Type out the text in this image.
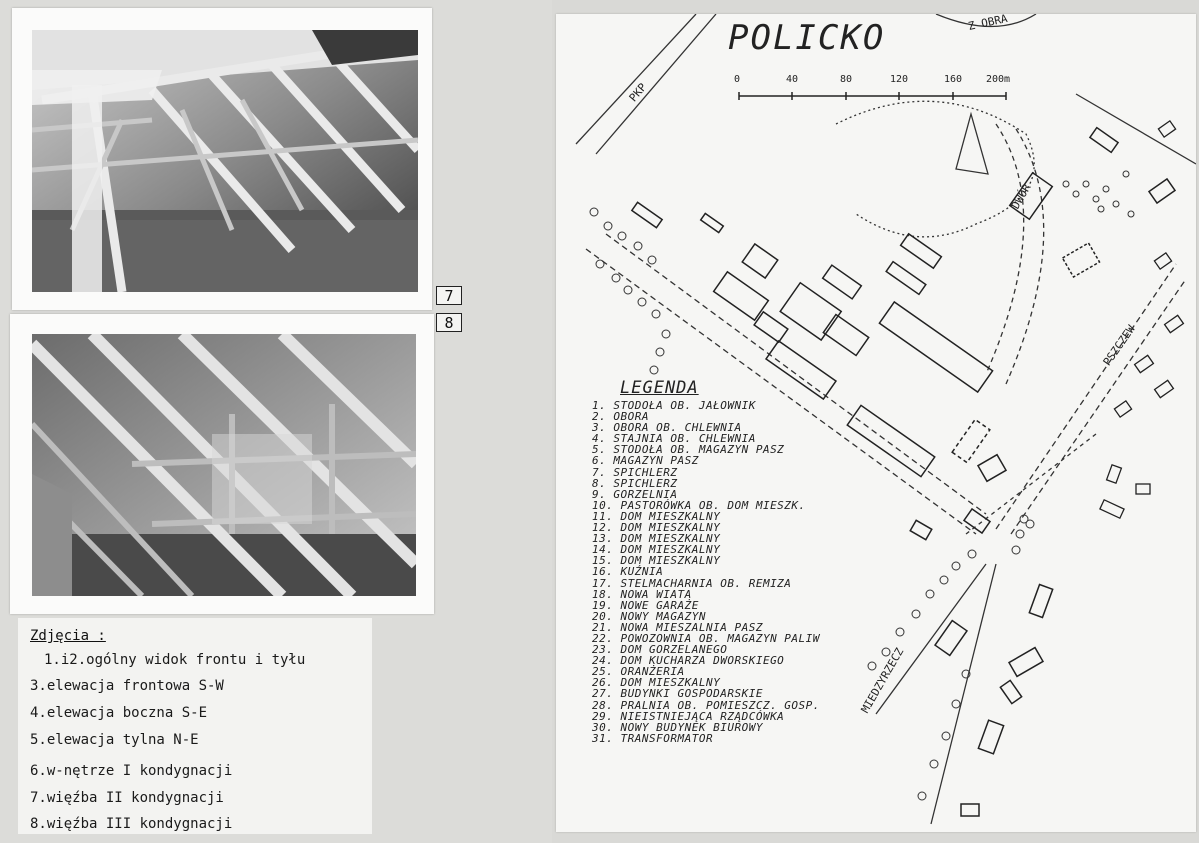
7
8
Zdjęcia :
1.i2.ogólny widok frontu i tyłu
3.elewacja frontowa S-W
4.elewacja boczna S-E
5.elewacja tylna N-E
6.w-nętrze I kondygnacji
7.więźba II kondygnacji
8.więźba III kondygnacji
POLICKO	Z OBRA
PKP
PSZCZEW
MIEDZYRZECZ
DWÓR
0	40	80	120	160 200m
LEGENDA
1. STODOŁA OB. JAŁOWNIK
2. OBORA
3. OBORA OB. CHLEWNIA
4. STAJNIA OB. CHLEWNIA
5. STODOŁA OB. MAGAZYN PASZ
6. MAGAZYN PASZ
7. SPICHLERZ
8. SPICHLERZ
9. GORZELNIA
10. PASTORÓWKA OB. DOM MIESZK.
11. DOM MIESZKALNY
12. DOM MIESZKALNY
13. DOM MIESZKALNY
14. DOM MIESZKALNY
15. DOM MIESZKALNY
16. KUŹNIA
17. STELMACHARNIA OB. REMIZA
18. NOWA WIATA
19. NOWE GARAŻE
20. NOWY MAGAZYN
21. NOWA MIESZALNIA PASZ
22. POWOZOWNIA OB. MAGAZYN PALIW
23. DOM GORZELANEGO
24. DOM KUCHARZA DWORSKIEGO
25. ORANŻERIA
26. DOM MIESZKALNY
27. BUDYNKI GOSPODARSKIE
28. PRALNIA OB. POMIESZCZ. GOSP.
29. NIEISTNIEJĄCA RZĄDCÓWKA
30. NOWY BUDYNEK BIUROWY
31. TRANSFORMATOR
